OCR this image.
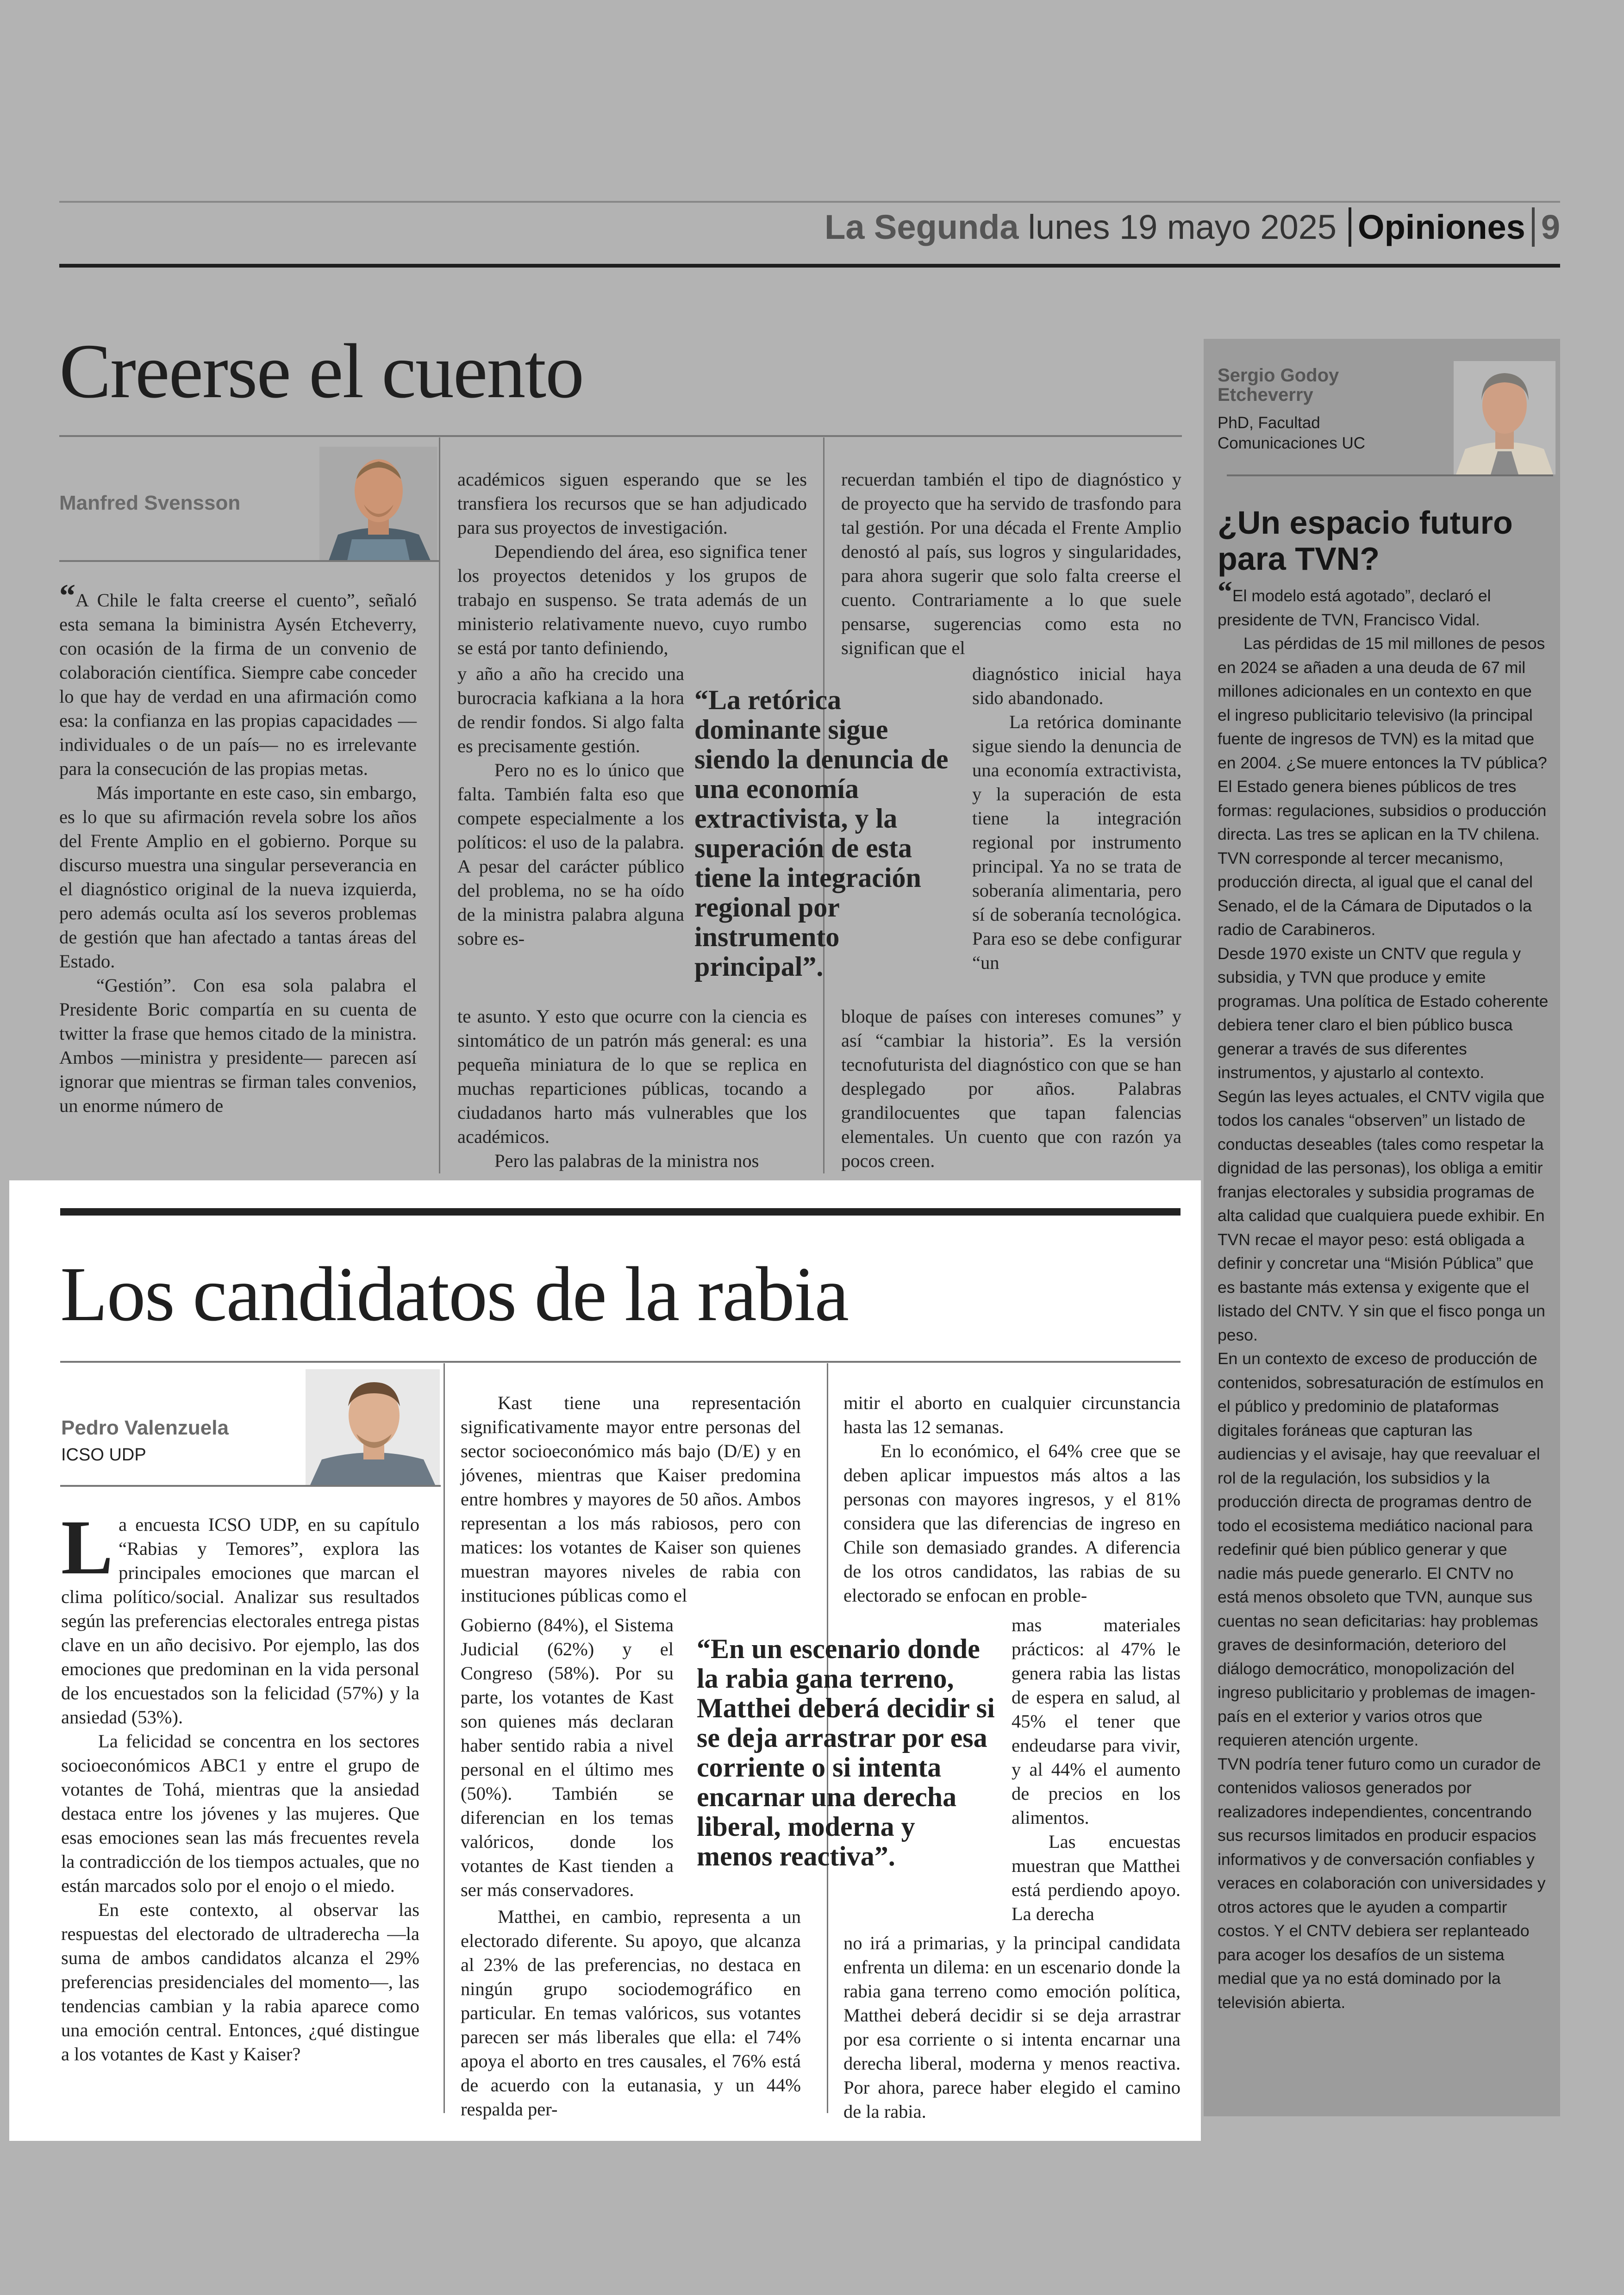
La Segunda lunes 19 mayo 2025 Opiniones 9
Creerse el cuento
Manfred Svensson

“A Chile le falta creerse el cuento”, señaló esta semana la biministra Aysén Etcheverry, con ocasión de la firma de un convenio de colaboración científica. Siempre cabe conceder lo que hay de verdad en una afirmación como esa: la confianza en las propias capacidades —individuales o de un país— no es irrelevante para la consecución de las propias metas.

Más importante en este caso, sin embargo, es lo que su afirmación revela sobre los años del Frente Amplio en el gobierno. Porque su discurso muestra una singular perseverancia en el diagnóstico original de la nueva izquierda, pero además oculta así los severos problemas de gestión que han afectado a tantas áreas del Estado.

“Gestión”. Con esa sola palabra el Presidente Boric compartía en su cuenta de twitter la frase que hemos citado de la ministra. Ambos —ministra y presidente— parecen así ignorar que mientras se firman tales convenios, un enorme número de

académicos siguen esperando que se les transfiera los recursos que se han adjudicado para sus proyectos de investigación.

Dependiendo del área, eso significa tener los proyectos detenidos y los grupos de trabajo en suspenso. Se trata además de un ministerio relativamente nuevo, cuyo rumbo se está por tanto definiendo,

y año a año ha crecido una burocracia kafkiana a la hora de rendir fondos. Si algo falta es precisamente gestión.

Pero no es lo único que falta. También falta eso que compete especialmente a los políticos: el uso de la palabra. A pesar del carácter público del problema, no se ha oído de la ministra palabra alguna sobre es-

te asunto. Y esto que ocurre con la ciencia es sintomático de un patrón más general: es una pequeña miniatura de lo que se replica en muchas reparticiones públicas, tocando a ciudadanos harto más vulnerables que los académicos.

Pero las palabras de la ministra nos

“La retórica dominante sigue siendo la denuncia de una economía extractivista, y la superación de esta tiene la integración regional por instrumento principal”.

recuerdan también el tipo de diagnóstico y de proyecto que ha servido de trasfondo para tal gestión. Por una década el Frente Amplio denostó al país, sus logros y singularidades, para ahora sugerir que solo falta creerse el cuento. Contrariamente a lo que suele pensarse, sugerencias como esta no significan que el

diagnóstico inicial haya sido abandonado.

La retórica dominante sigue siendo la denuncia de una economía extractivista, y la superación de esta tiene la integración regional por instrumento principal. Ya no se trata de soberanía alimentaria, pero sí de soberanía tecnológica. Para eso se debe configurar “un

bloque de países con intereses comunes” y así “cambiar la historia”. Es la versión tecnofuturista del diagnóstico con que se han desplegado por años. Palabras grandilocuentes que tapan falencias elementales. Un cuento que con razón ya pocos creen.

Los candidatos de la rabia
Pedro Valenzuela
ICSO UDP

La encuesta ICSO UDP, en su capítulo “Rabias y Temores”, explora las principales emociones que marcan el clima político/social. Analizar sus resultados según las preferencias electorales entrega pistas clave en un año decisivo. Por ejemplo, las dos emociones que predominan en la vida personal de los encuestados son la felicidad (57%) y la ansiedad (53%).

La felicidad se concentra en los sectores socioeconómicos ABC1 y entre el grupo de votantes de Tohá, mientras que la ansiedad destaca entre los jóvenes y las mujeres. Que esas emociones sean las más frecuentes revela la contradicción de los tiempos actuales, que no están marcados solo por el enojo o el miedo.

En este contexto, al observar las respuestas del electorado de ultraderecha —la suma de ambos candidatos alcanza el 29% preferencias presidenciales del momento—, las tendencias cambian y la rabia aparece como una emoción central. Entonces, ¿qué distingue a los votantes de Kast y Kaiser?

Kast tiene una representación significativamente mayor entre personas del sector socioeconómico más bajo (D/E) y en jóvenes, mientras que Kaiser predomina entre hombres y mayores de 50 años. Ambos representan a los más rabiosos, pero con matices: los votantes de Kaiser son quienes muestran mayores niveles de rabia con instituciones públicas como el

Gobierno (84%), el Sistema Judicial (62%) y el Congreso (58%). Por su parte, los votantes de Kast son quienes más declaran haber sentido rabia a nivel personal en el último mes (50%). También se diferencian en los temas valóricos, donde los votantes de Kast tienden a ser más conservadores.

Matthei, en cambio, representa a un electorado diferente. Su apoyo, que alcanza al 23% de las preferencias, no destaca en ningún grupo sociodemográfico en particular. En temas valóricos, sus votantes parecen ser más liberales que ella: el 74% apoya el aborto en tres causales, el 76% está de acuerdo con la eutanasia, y un 44% respalda per-

“En un escenario donde la rabia gana terreno, Matthei deberá decidir si se deja arrastrar por esa corriente o si intenta encarnar una derecha liberal, moderna y menos reactiva”.

mitir el aborto en cualquier circunstancia hasta las 12 semanas.

En lo económico, el 64% cree que se deben aplicar impuestos más altos a las personas con mayores ingresos, y el 81% considera que las diferencias de ingreso en Chile son demasiado grandes. A diferencia de los otros candidatos, las rabias de su electorado se enfocan en proble-

mas materiales prácticos: al 47% le genera rabia las listas de espera en salud, al 45% el tener que endeudarse para vivir, y al 44% el aumento de precios en los alimentos.

Las encuestas muestran que Matthei está perdiendo apoyo. La derecha

no irá a primarias, y la principal candidata enfrenta un dilema: en un escenario donde la rabia gana terreno como emoción política, Matthei deberá decidir si se deja arrastrar por esa corriente o si intenta encarnar una derecha liberal, moderna y menos reactiva. Por ahora, parece haber elegido el camino de la rabia.

Sergio Godoy
Etcheverry
PhD, Facultad
Comunicaciones UC
¿Un espacio futuro para TVN?

“El modelo está agotado”, declaró el presidente de TVN, Francisco Vidal.

Las pérdidas de 15 mil millones de pesos en 2024 se añaden a una deuda de 67 mil millones adicionales en un contexto en que el ingreso publicitario televisivo (la principal fuente de ingresos de TVN) es la mitad que en 2004. ¿Se muere entonces la TV pública?

El Estado genera bienes públicos de tres formas: regulaciones, subsidios o producción directa. Las tres se aplican en la TV chilena. TVN corresponde al tercer mecanismo, producción directa, al igual que el canal del Senado, el de la Cámara de Diputados o la radio de Carabineros.

Desde 1970 existe un CNTV que regula y subsidia, y TVN que produce y emite programas. Una política de Estado coherente debiera tener claro el bien público busca generar a través de sus diferentes instrumentos, y ajustarlo al contexto.

Según las leyes actuales, el CNTV vigila que todos los canales “observen” un listado de conductas deseables (tales como respetar la dignidad de las personas), los obliga a emitir franjas electorales y subsidia programas de alta calidad que cualquiera puede exhibir. En TVN recae el mayor peso: está obligada a definir y concretar una “Misión Pública” que es bastante más extensa y exigente que el listado del CNTV. Y sin que el fisco ponga un peso.

En un contexto de exceso de producción de contenidos, sobresaturación de estímulos en el público y predominio de plataformas digitales foráneas que capturan las audiencias y el avisaje, hay que reevaluar el rol de la regulación, los subsidios y la producción directa de programas dentro de todo el ecosistema mediático nacional para redefinir qué bien público generar y que nadie más puede generarlo. El CNTV no está menos obsoleto que TVN, aunque sus cuentas no sean deficitarias: hay problemas graves de desinformación, deterioro del diálogo democrático, monopolización del ingreso publicitario y problemas de imagen-país en el exterior y varios otros que requieren atención urgente.

TVN podría tener futuro como un curador de contenidos valiosos generados por realizadores independientes, concentrando sus recursos limitados en producir espacios informativos y de conversación confiables y veraces en colaboración con universidades y otros actores que le ayuden a compartir costos. Y el CNTV debiera ser replanteado para acoger los desafíos de un sistema medial que ya no está dominado por la televisión abierta.
